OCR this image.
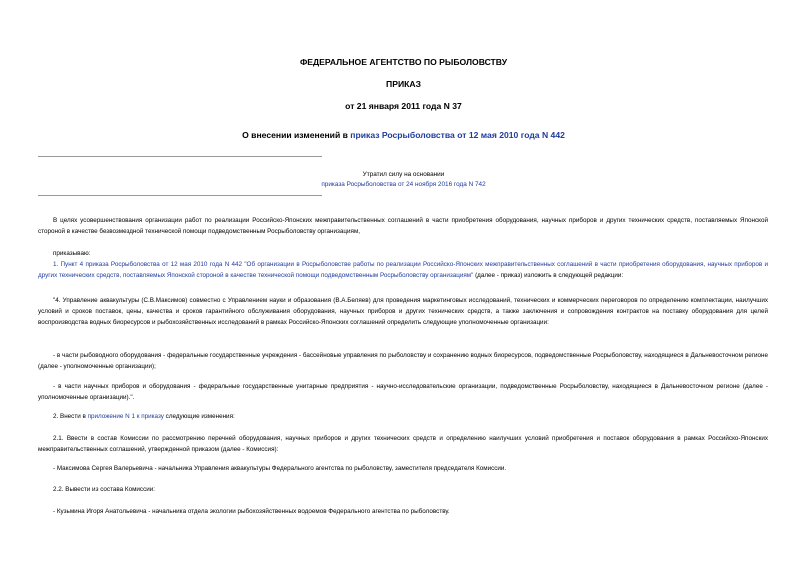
ФЕДЕРАЛЬНОЕ АГЕНТСТВО ПО РЫБОЛОВСТВУ
ПРИКАЗ
от 21 января 2011 года N 37
О внесении изменений в приказ Росрыболовства от 12 мая 2010 года N 442
Утратил силу на основании
приказа Росрыболовства от 24 ноября 2016 года N 742
В целях усовершенствования организации работ по реализации Российско-Японских межправительственных соглашений в части приобретения оборудования, научных приборов и других технических средств, поставляемых Японской стороной в качестве безвозмездной технической помощи подведомственным Росрыболовству организациям,
приказываю:
1. Пункт 4 приказа Росрыболовства от 12 мая 2010 года N 442 "Об организации в Росрыболовстве работы по реализации Российско-Японских межправительственных соглашений в части приобретения оборудования, научных приборов и других технических средств, поставляемых Японской стороной в качестве технической помощи подведомственным Росрыболовству организациям" (далее - приказ) изложить в следующей редакции:
"4. Управление аквакультуры (С.В.Максимов) совместно с Управлением науки и образования (В.А.Беляев) для проведения маркетинговых исследований, технических и коммерческих переговоров по определению комплектации, наилучших условий и сроков поставок, цены, качества и сроков гарантийного обслуживания оборудования, научных приборов и других технических средств, а также заключения и сопровождения контрактов на поставку оборудования для целей воспроизводства водных биоресурсов и рыбохозяйственных исследований в рамках Российско-Японских соглашений определить следующие уполномоченные организации:
- в части рыбоводного оборудования - федеральные государственные учреждения - бассейновые управления по рыболовству и сохранению водных биоресурсов, подведомственные Росрыболовству, находящиеся в Дальневосточном регионе (далее - уполномоченные организации);
- в части научных приборов и оборудования - федеральные государственные унитарные предприятия - научно-исследовательские организации, подведомственные Росрыболовству, находящиеся в Дальневосточном регионе (далее - уполномоченные организации).".
2. Внести в приложение N 1 к приказу следующие изменения:
2.1. Ввести в состав Комиссии по рассмотрению перечней оборудования, научных приборов и других технических средств и определению наилучших условий приобретения и поставок оборудования в рамках Российско-Японских межправительственных соглашений, утвержденной приказом (далее - Комиссия):
- Максимова Сергея Валерьевича - начальника Управления аквакультуры Федерального агентства по рыболовству, заместителя председателя Комиссии.
2.2. Вывести из состава Комиссии:
- Кузьмина Игоря Анатольевича - начальника отдела экологии рыбохозяйственных водоемов Федерального агентства по рыболовству.
